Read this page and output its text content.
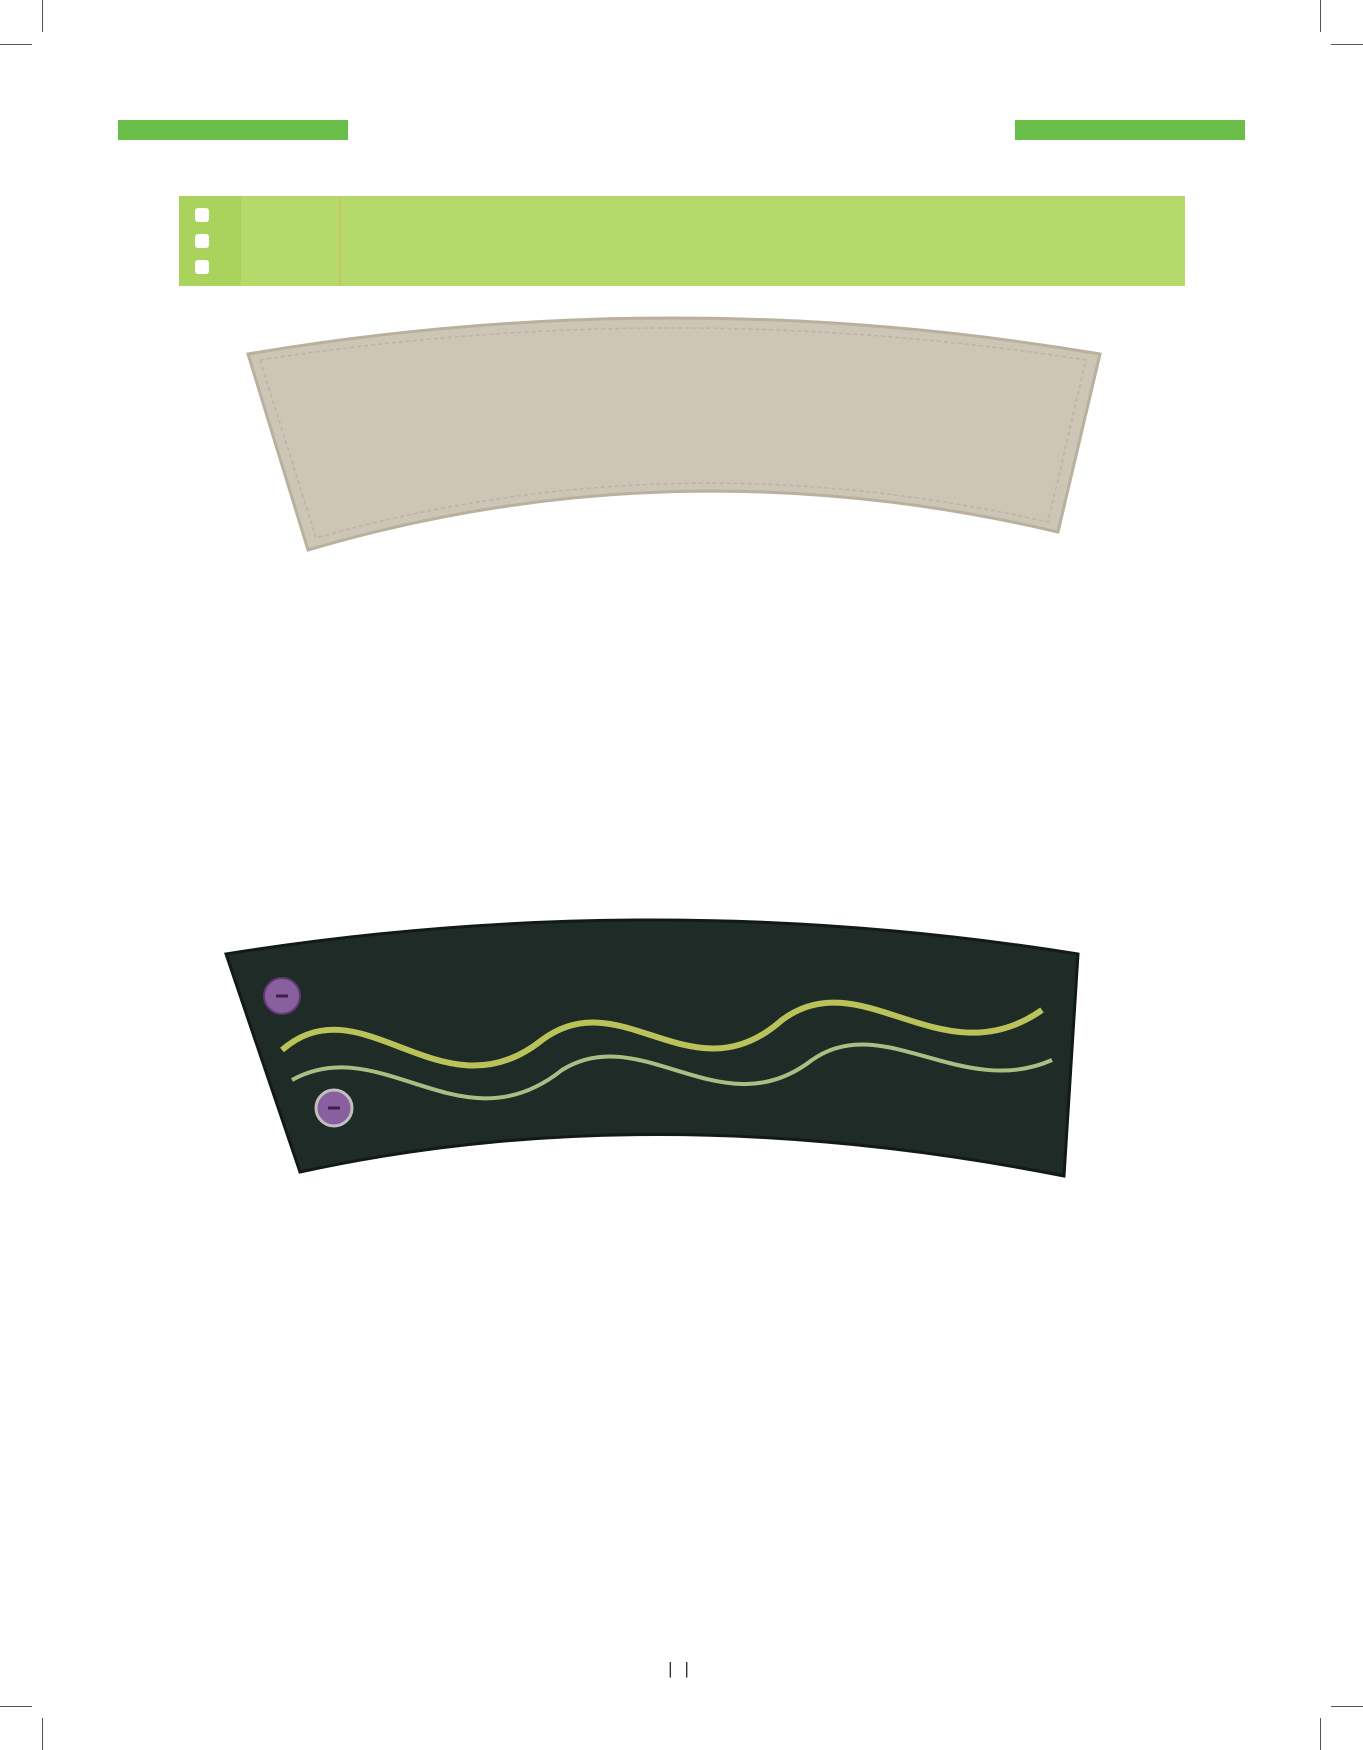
| |
